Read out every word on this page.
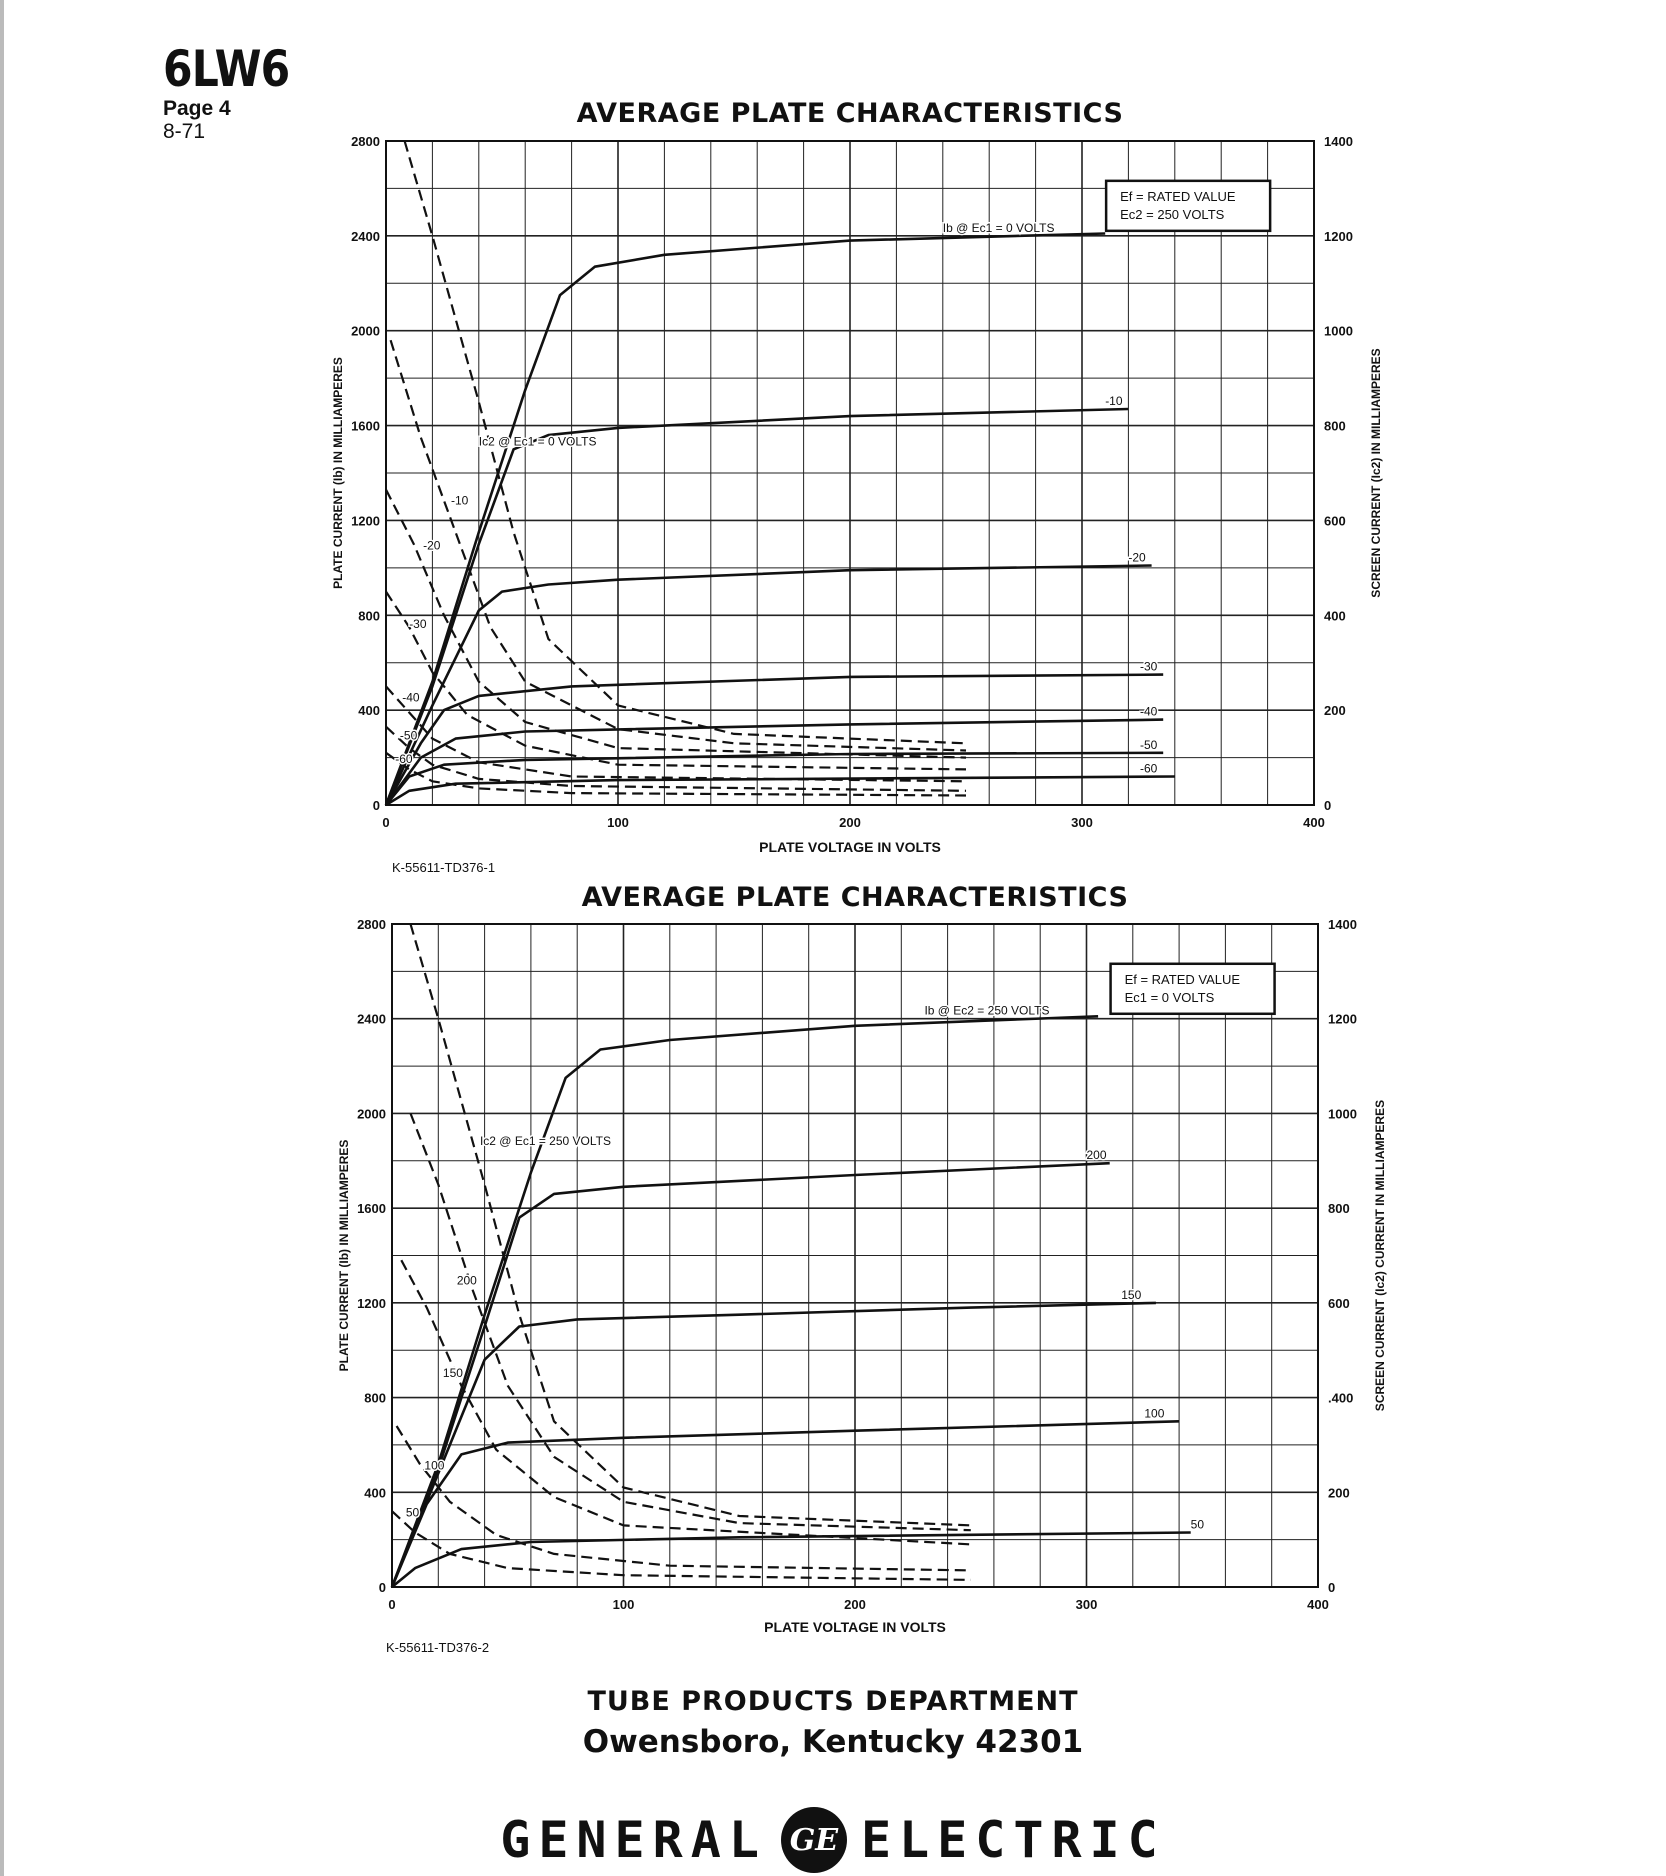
6LW6
Page 4
8-71
AVERAGE PLATE CHARACTERISTICS
0	100	200	300	400
0
400
800
1200
1600
2000
2400
2800
0
200
400
600
800
1000
1200
1400
PLATE VOLTAGE IN VOLTS
PLATE CURRENT (Ib) IN MILLIAMPERES	SCREEN CURRENT (Ic2) IN MILLIAMPERES
Ef = RATED VALUE
Ec2 = 250 VOLTS
Ib @ Ec1 = 0 VOLTS
-10
-20
-30
-40
-50
-60
Ic2 @ Ec1 = 0 VOLTS
-10
-20
-30
-40
-50
-60
K-55611-TD376-1
AVERAGE PLATE CHARACTERISTICS
0	100	200	300	400
0
400
800
1200
1600
2000
2400
2800
0
200
.400
600
800
1000
1200
1400
PLATE VOLTAGE IN VOLTS
PLATE CURRENT (Ib) IN MILLIAMPERES	SCREEN CURRENT (Ic2) CURRENT IN MILLIAMPERES
Ef = RATED VALUE
Ec1 = 0 VOLTS
Ib @ Ec2 = 250 VOLTS
200
150
100
50
Ic2 @ Ec1 = 250 VOLTS
200
150
100
50
K-55611-TD376-2
TUBE PRODUCTS DEPARTMENT
Owensboro, Kentucky 42301
GENERAL GE ELECTRIC
